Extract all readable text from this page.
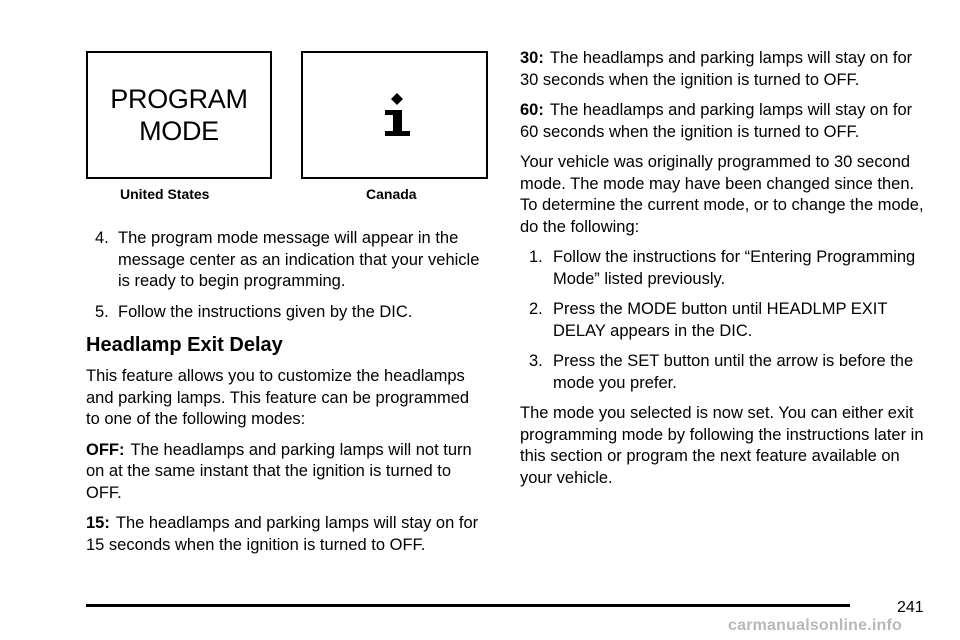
PROGRAM
MODE
United States	Canada
4. The program mode message will appear in the message center as an indication that your vehicle is ready to begin programming.
5. Follow the instructions given by the DIC.
Headlamp Exit Delay

This feature allows you to customize the headlamps and parking lamps. This feature can be programmed to one of the following modes:

OFF: The headlamps and parking lamps will not turn on at the same instant that the ignition is turned to OFF.

15: The headlamps and parking lamps will stay on for 15 seconds when the ignition is turned to OFF.

30: The headlamps and parking lamps will stay on for 30 seconds when the ignition is turned to OFF.

60: The headlamps and parking lamps will stay on for 60 seconds when the ignition is turned to OFF.

Your vehicle was originally programmed to 30 second mode. The mode may have been changed since then. To determine the current mode, or to change the mode, do the following:

1. Follow the instructions for “Entering Programming Mode” listed previously.
2. Press the MODE button until HEADLMP EXIT DELAY appears in the DIC.
3. Press the SET button until the arrow is before the mode you prefer.

The mode you selected is now set. You can either exit programming mode by following the instructions later in this section or program the next feature available on your vehicle.

241
carmanualsonline.info
